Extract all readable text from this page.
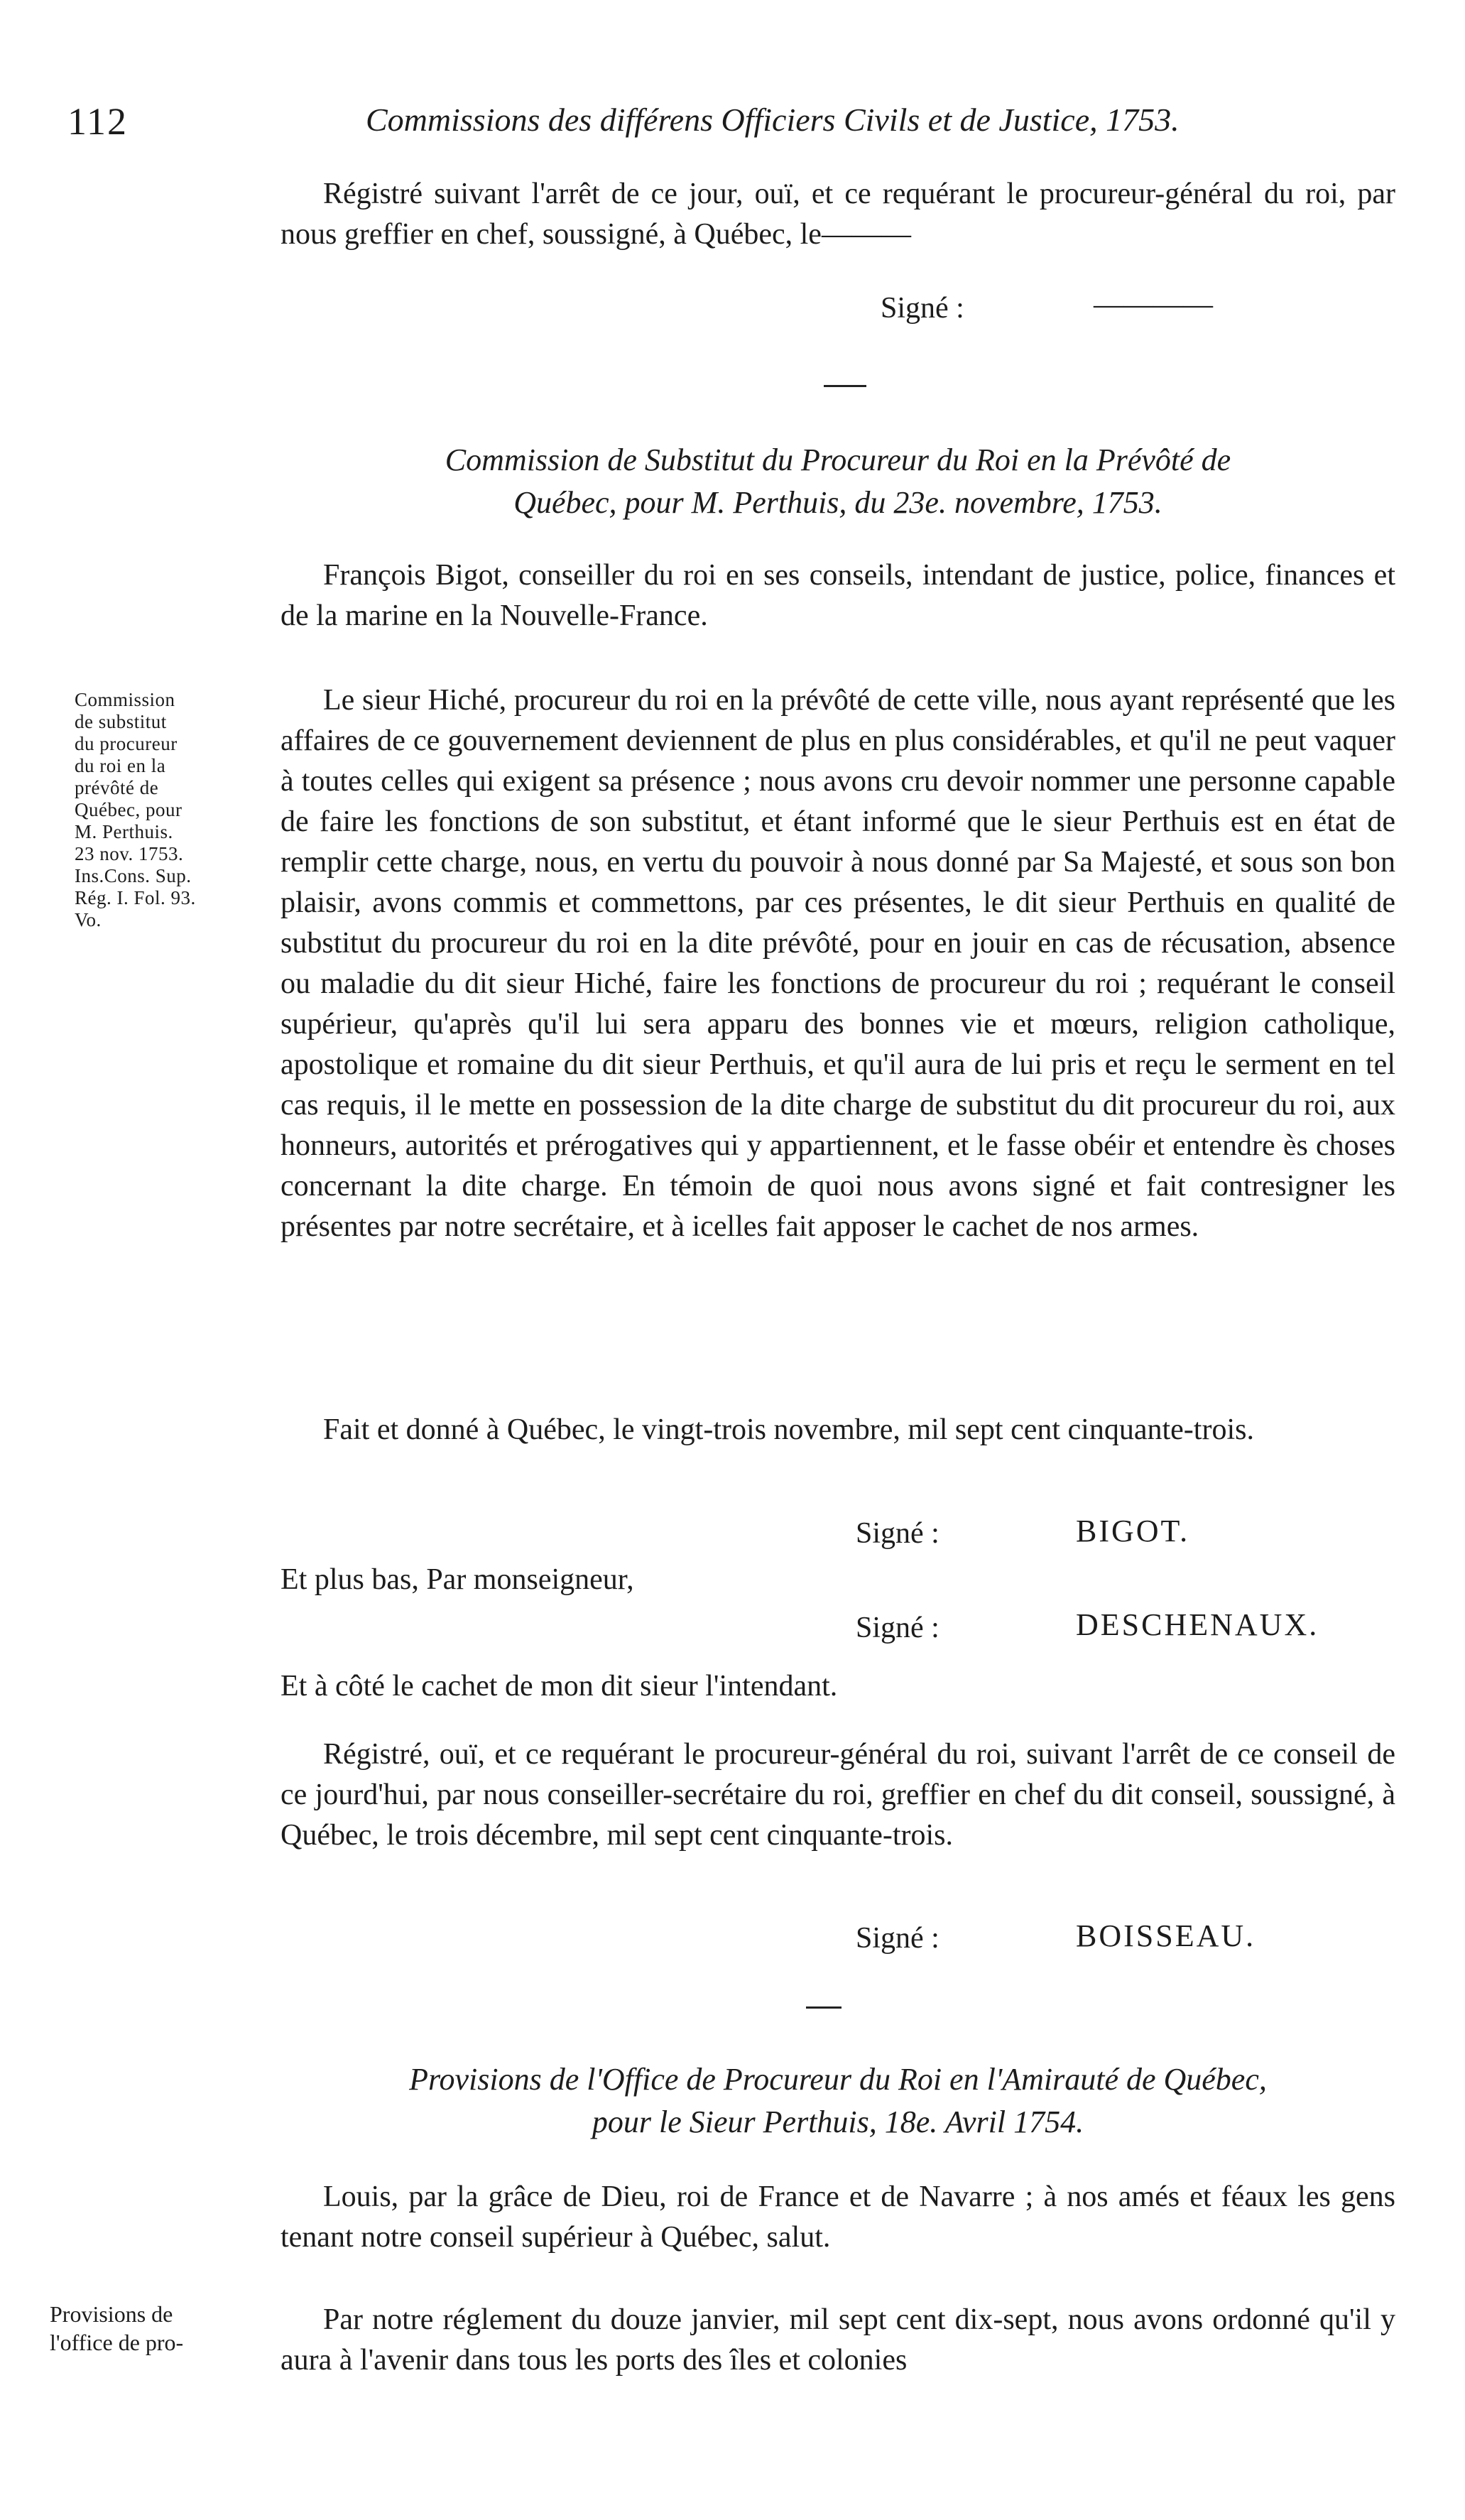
112	Commissions des différens Officiers Civils et de Justice, 1753.
Régistré suivant l'arrêt de ce jour, ouï, et ce requérant le procureur-général du roi, par nous greffier en chef, soussigné, à Québec, le———
Signé :	————
Commission de Substitut du Procureur du Roi en la Prévôté de
Québec, pour M. Perthuis, du 23e. novembre, 1753.
François Bigot, conseiller du roi en ses conseils, intendant de justice, police, finances et de la marine en la Nouvelle-France.
Commission
de substitut
du procureur
du roi en la
prévôté de
Québec, pour
M. Perthuis.
23 nov. 1753.
Ins.Cons. Sup.
Rég. I. Fol. 93.
Vo.
Le sieur Hiché, procureur du roi en la prévôté de cette ville, nous ayant représenté que les affaires de ce gouvernement deviennent de plus en plus considérables, et qu'il ne peut vaquer à toutes celles qui exigent sa présence ; nous avons cru devoir nommer une personne capable de faire les fonctions de son substitut, et étant informé que le sieur Perthuis est en état de remplir cette charge, nous, en vertu du pouvoir à nous donné par Sa Majesté, et sous son bon plaisir, avons commis et commettons, par ces présentes, le dit sieur Perthuis en qualité de substitut du procureur du roi en la dite prévôté, pour en jouir en cas de récusation, absence ou maladie du dit sieur Hiché, faire les fonctions de procureur du roi ; requérant le conseil supérieur, qu'après qu'il lui sera apparu des bonnes vie et mœurs, religion catholique, apostolique et romaine du dit sieur Perthuis, et qu'il aura de lui pris et reçu le serment en tel cas requis, il le mette en possession de la dite charge de substitut du dit procureur du roi, aux honneurs, autorités et prérogatives qui y appartiennent, et le fasse obéir et entendre ès choses concernant la dite charge. En témoin de quoi nous avons signé et fait contresigner les présentes par notre secrétaire, et à icelles fait apposer le cachet de nos armes.
Fait et donné à Québec, le vingt-trois novembre, mil sept cent cinquante-trois.
Signé :	BIGOT.
Et plus bas, Par monseigneur,
Signé :	DESCHENAUX.
Et à côté le cachet de mon dit sieur l'intendant.
Régistré, ouï, et ce requérant le procureur-général du roi, suivant l'arrêt de ce conseil de ce jourd'hui, par nous conseiller-secrétaire du roi, greffier en chef du dit conseil, soussigné, à Québec, le trois décembre, mil sept cent cinquante-trois.
Signé :	BOISSEAU.
Provisions de l'Office de Procureur du Roi en l'Amirauté de Québec,
pour le Sieur Perthuis, 18e. Avril 1754.
Louis, par la grâce de Dieu, roi de France et de Navarre ; à nos amés et féaux les gens tenant notre conseil supérieur à Québec, salut.
Provisions de
l'office de pro-
Par notre réglement du douze janvier, mil sept cent dix-sept, nous avons ordonné qu'il y aura à l'avenir dans tous les ports des îles et colonies
